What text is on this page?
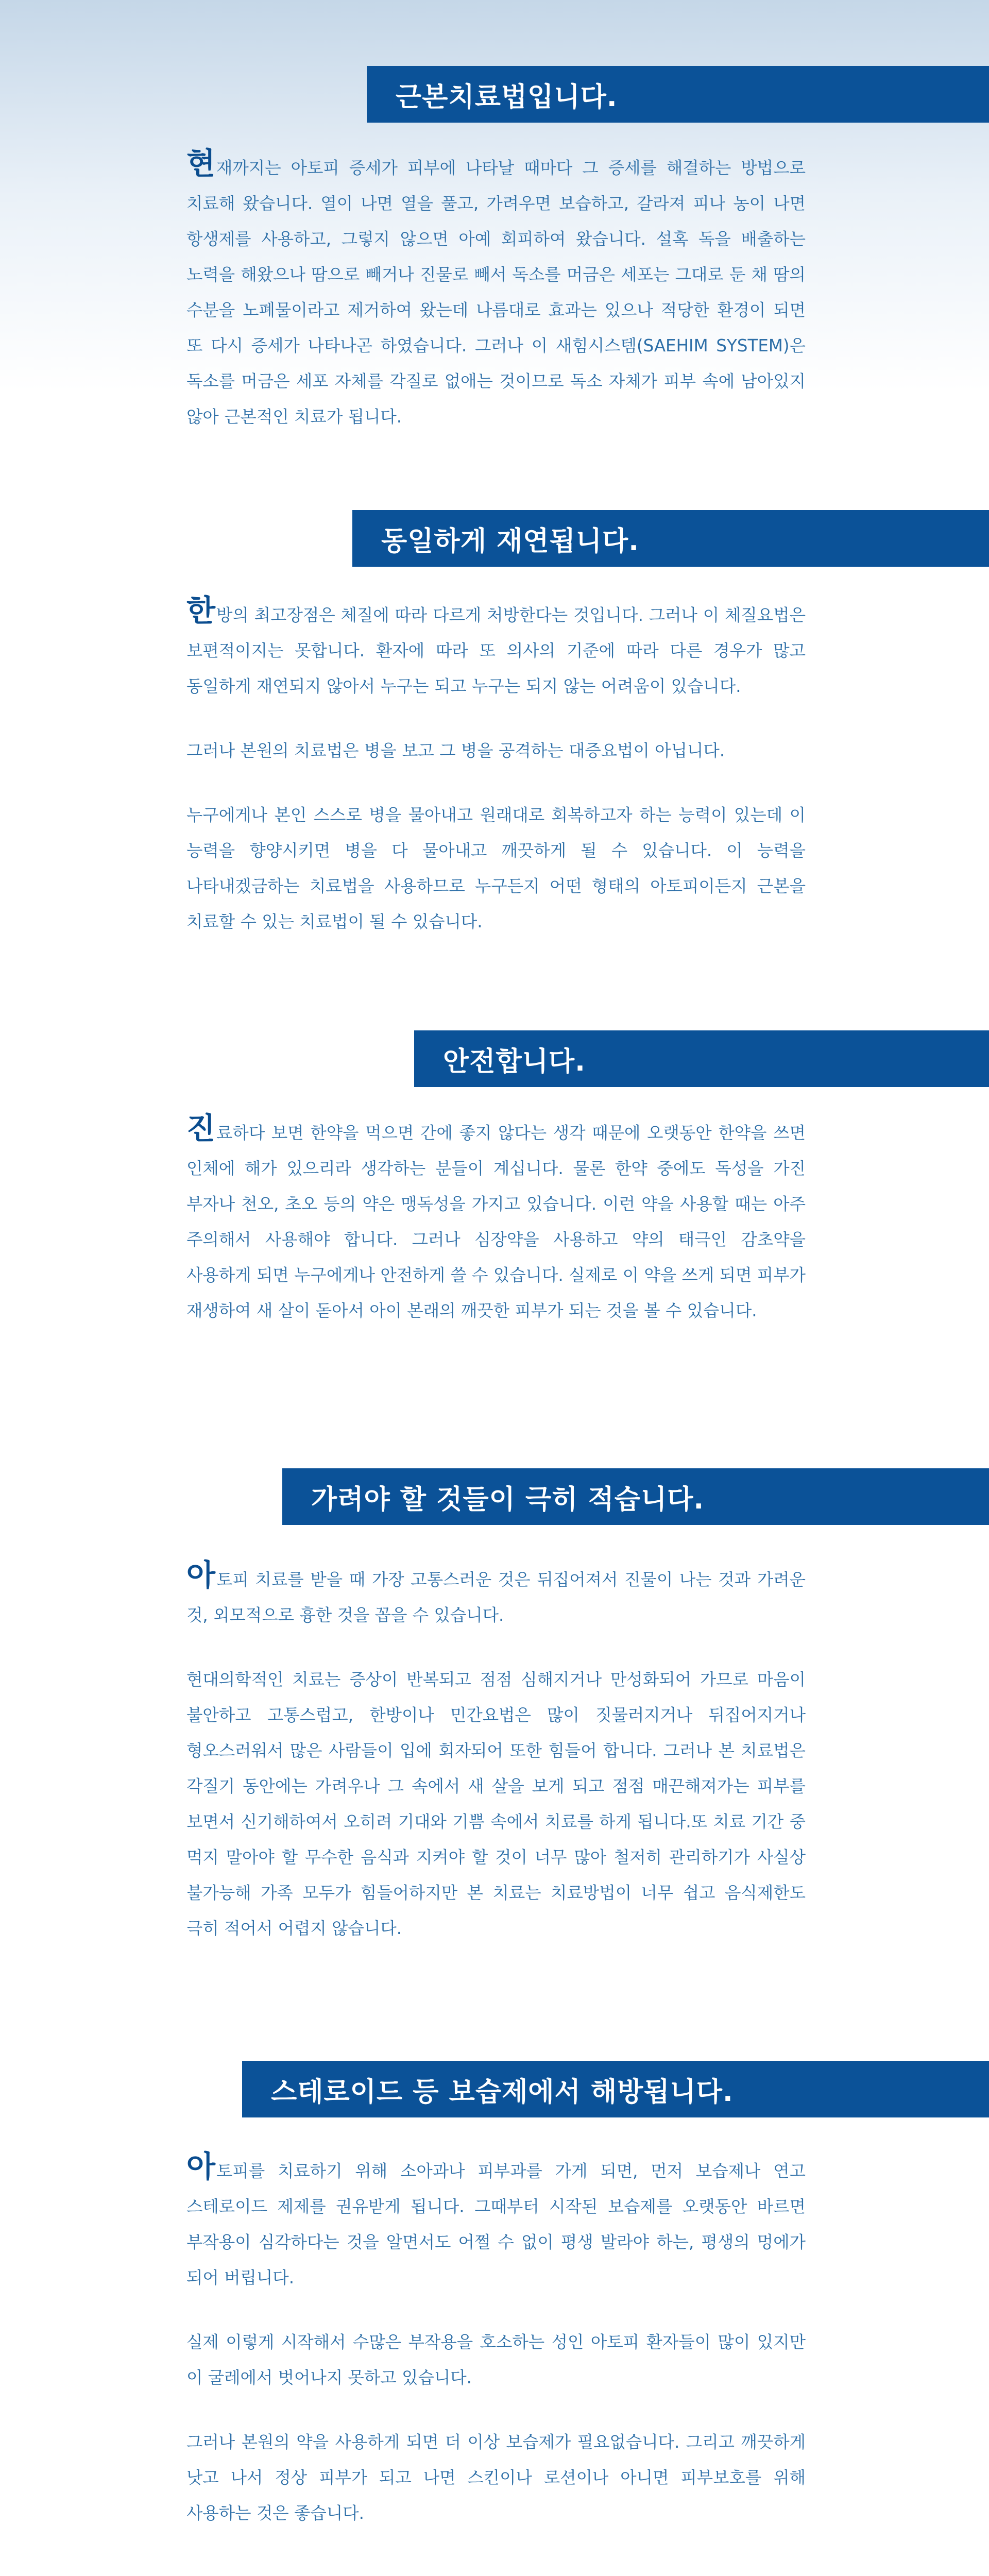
근본치료법입니다.

현재까지는 아토피 증세가 피부에 나타날 때마다 그 증세를 해결하는 방법으로 치료해 왔습니다. 열이 나면 열을 풀고, 가려우면 보습하고, 갈라져 피나 농이 나면 항생제를 사용하고, 그렇지 않으면 아예 회피하여 왔습니다. 설혹 독을 배출하는 노력을 해왔으나 땀으로 빼거나 진물로 빼서 독소를 머금은 세포는 그대로 둔 채 땀의 수분을 노폐물이라고 제거하여 왔는데 나름대로 효과는 있으나 적당한 환경이 되면 또 다시 증세가 나타나곤 하였습니다. 그러나 이 새힘시스템(SAEHIM SYSTEM)은 독소를 머금은 세포 자체를 각질로 없애는 것이므로 독소 자체가 피부 속에 남아있지 않아 근본적인 치료가 됩니다.

동일하게 재연됩니다.

한방의 최고장점은 체질에 따라 다르게 처방한다는 것입니다. 그러나 이 체질요법은 보편적이지는 못합니다. 환자에 따라 또 의사의 기준에 따라 다른 경우가 많고 동일하게 재연되지 않아서 누구는 되고 누구는 되지 않는 어려움이 있습니다.

그러나 본원의 치료법은 병을 보고 그 병을 공격하는 대증요법이 아닙니다.

누구에게나 본인 스스로 병을 물아내고 원래대로 회복하고자 하는 능력이 있는데 이 능력을 향양시키면 병을 다 물아내고 깨끗하게 될 수 있습니다. 이 능력을 나타내겠금하는 치료법을 사용하므로 누구든지 어떤 형태의 아토피이든지 근본을 치료할 수 있는 치료법이 될 수 있습니다.

안전합니다.

진료하다 보면 한약을 먹으면 간에 좋지 않다는 생각 때문에 오랫동안 한약을 쓰면 인체에 해가 있으리라 생각하는 분들이 계십니다. 물론 한약 중에도 독성을 가진 부자나 천오, 초오 등의 약은 맹독성을 가지고 있습니다. 이런 약을 사용할 때는 아주 주의해서 사용해야 합니다. 그러나 심장약을 사용하고 약의 태극인 감초약을 사용하게 되면 누구에게나 안전하게 쓸 수 있습니다. 실제로 이 약을 쓰게 되면 피부가 재생하여 새 살이 돋아서 아이 본래의 깨끗한 피부가 되는 것을 볼 수 있습니다.

가려야 할 것들이 극히 적습니다.

아토피 치료를 받을 때 가장 고통스러운 것은 뒤집어져서 진물이 나는 것과 가려운 것, 외모적으로 흉한 것을 꼽을 수 있습니다.

현대의학적인 치료는 증상이 반복되고 점점 심해지거나 만성화되어 가므로 마음이 불안하고 고통스럽고, 한방이나 민간요법은 많이 짓물러지거나 뒤집어지거나 형오스러워서 많은 사람들이 입에 회자되어 또한 힘들어 합니다. 그러나 본 치료법은 각질기 동안에는 가려우나 그 속에서 새 살을 보게 되고 점점 매끈해져가는 피부를 보면서 신기해하여서 오히려 기대와 기쁨 속에서 치료를 하게 됩니다.또 치료 기간 중 먹지 말아야 할 무수한 음식과 지켜야 할 것이 너무 많아 철저히 관리하기가 사실상 불가능해 가족 모두가 힘들어하지만 본 치료는 치료방법이 너무 쉽고 음식제한도 극히 적어서 어렵지 않습니다.

스테로이드 등 보습제에서 해방됩니다.

아토피를 치료하기 위해 소아과나 피부과를 가게 되면, 먼저 보습제나 연고 스테로이드 제제를 권유받게 됩니다. 그때부터 시작된 보습제를 오랫동안 바르면 부작용이 심각하다는 것을 알면서도 어쩔 수 없이 평생 발라야 하는, 평생의 멍에가 되어 버립니다.

실제 이렇게 시작해서 수많은 부작용을 호소하는 성인 아토피 환자들이 많이 있지만 이 굴레에서 벗어나지 못하고 있습니다.

그러나 본원의 약을 사용하게 되면 더 이상 보습제가 필요없습니다. 그리고 깨끗하게 낫고 나서 정상 피부가 되고 나면 스킨이나 로션이나 아니면 피부보호를 위해 사용하는 것은 좋습니다.
